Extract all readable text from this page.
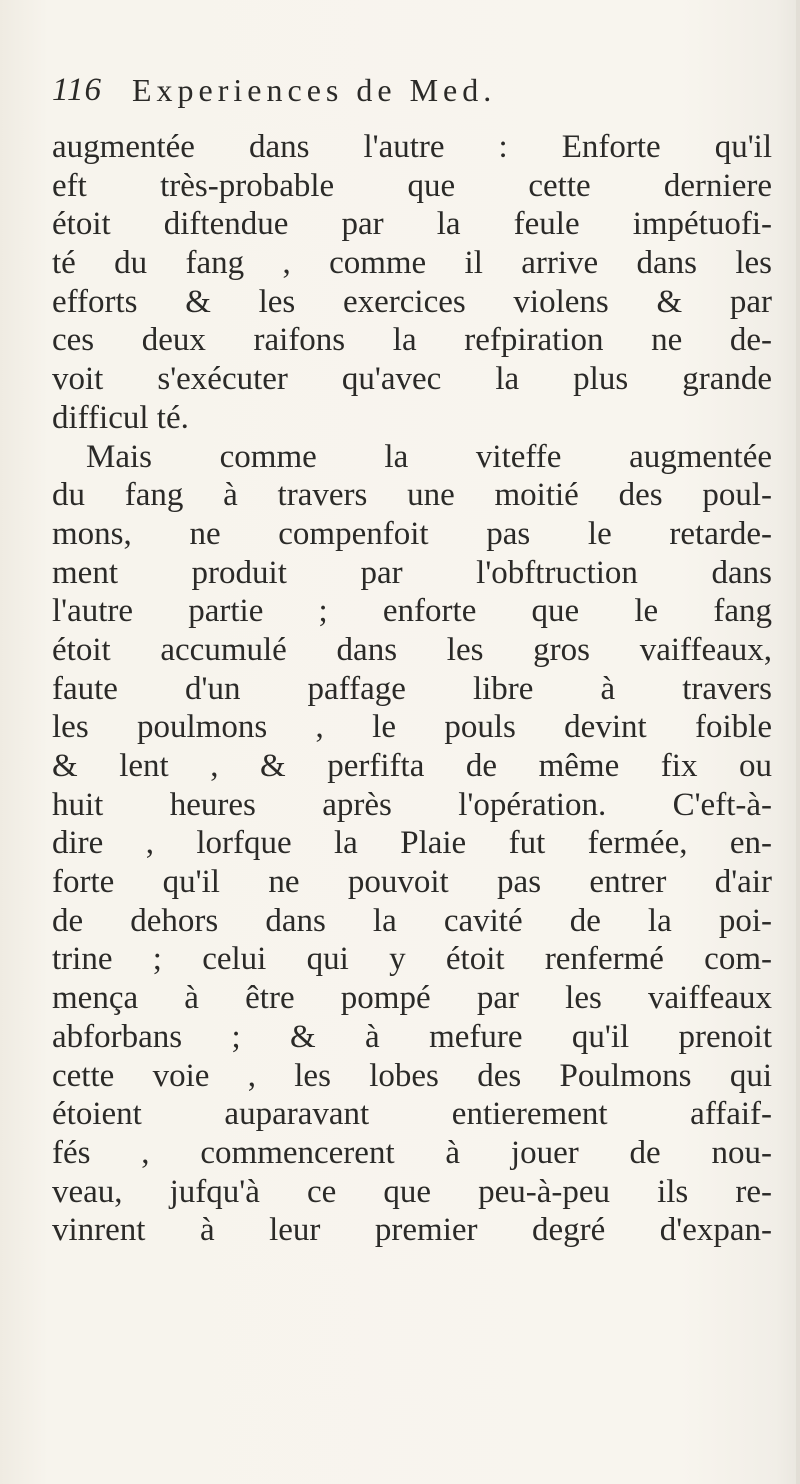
116 Experiences de Med.
augmentée dans l'autre : Enforte qu'il
eft très-probable que cette derniere
étoit diftendue par la feule impétuofi-
té du fang , comme il arrive dans les
efforts & les exercices violens & par
ces deux raifons la refpiration ne de-
voit s'exécuter qu'avec la plus grande
difficul té.
Mais comme la viteffe augmentée
du fang à travers une moitié des poul-
mons, ne compenfoit pas le retarde-
ment produit par l'obftruction dans
l'autre partie ; enforte que le fang
étoit accumulé dans les gros vaiffeaux,
faute d'un paffage libre à travers
les poulmons , le pouls devint foible
& lent , & perfifta de même fix ou
huit heures après l'opération. C'eft-à-
dire , lorfque la Plaie fut fermée, en-
forte qu'il ne pouvoit pas entrer d'air
de dehors dans la cavité de la poi-
trine ; celui qui y étoit renfermé com-
mença à être pompé par les vaiffeaux
abforbans ; & à mefure qu'il prenoit
cette voie , les lobes des Poulmons qui
étoient auparavant entierement affaif-
fés , commencerent à jouer de nou-
veau, jufqu'à ce que peu-à-peu ils re-
vinrent à leur premier degré d'expan-
